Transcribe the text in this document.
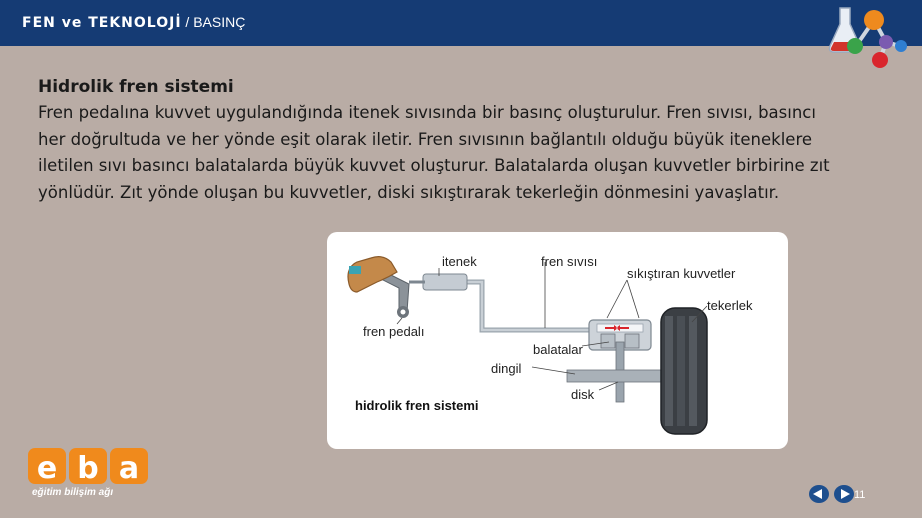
FEN ve TEKNOLOJİ / BASINÇ
Hidrolik fren sistemi
Fren pedalına kuvvet uygulandığında itenek sıvısında bir basınç oluşturulur. Fren sıvısı, basıncı her doğrultuda ve her yönde eşit olarak iletir. Fren sıvısının bağlantılı olduğu büyük iteneklere iletilen sıvı basıncı balatalarda büyük kuvvet oluşturur. Balatalarda oluşan kuvvetler birbirine zıt yönlüdür. Zıt yönde oluşan bu kuvvetler, diski sıkıştırarak tekerleğin dönmesini yavaşlatır.
itenek	fren sıvısı
sıkıştıran kuvvetler
tekerlek
fren pedalı
balatalar
dingil
disk
hidrolik fren sistemi
e b a
eğitim bilişim ağı	11
